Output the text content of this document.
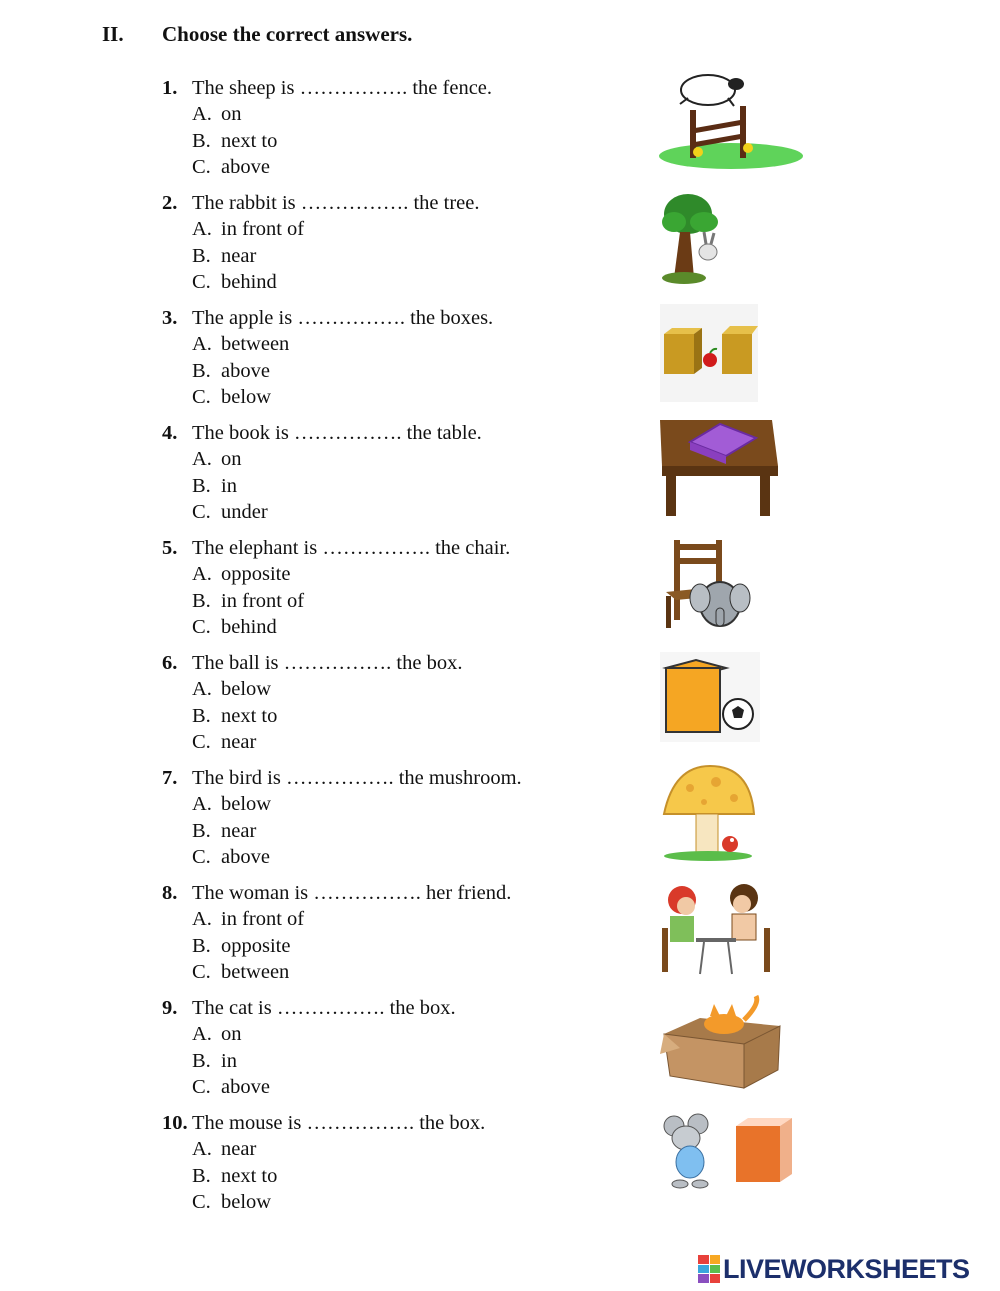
II. Choose the correct answers.
1. The sheep is ……………. the fence.
A. on
B. next to
C. above
2. The rabbit is ……………. the tree.
A. in front of
B. near
C. behind
3. The apple is ……………. the boxes.
A. between
B. above
C. below
4. The book is ……………. the table.
A. on
B. in
C. under
5. The elephant is ……………. the chair.
A. opposite
B. in front of
C. behind
6. The ball is ……………. the box.
A. below
B. next to
C. near
7. The bird is ……………. the mushroom.
A. below
B. near
C. above
8. The woman is ……………. her friend.
A. in front of
B. opposite
C. between
9. The cat is ……………. the box.
A. on
B. in
C. above
10. The mouse is ……………. the box.
A. near
B. next to
C. below
LIVEWORKSHEETS
